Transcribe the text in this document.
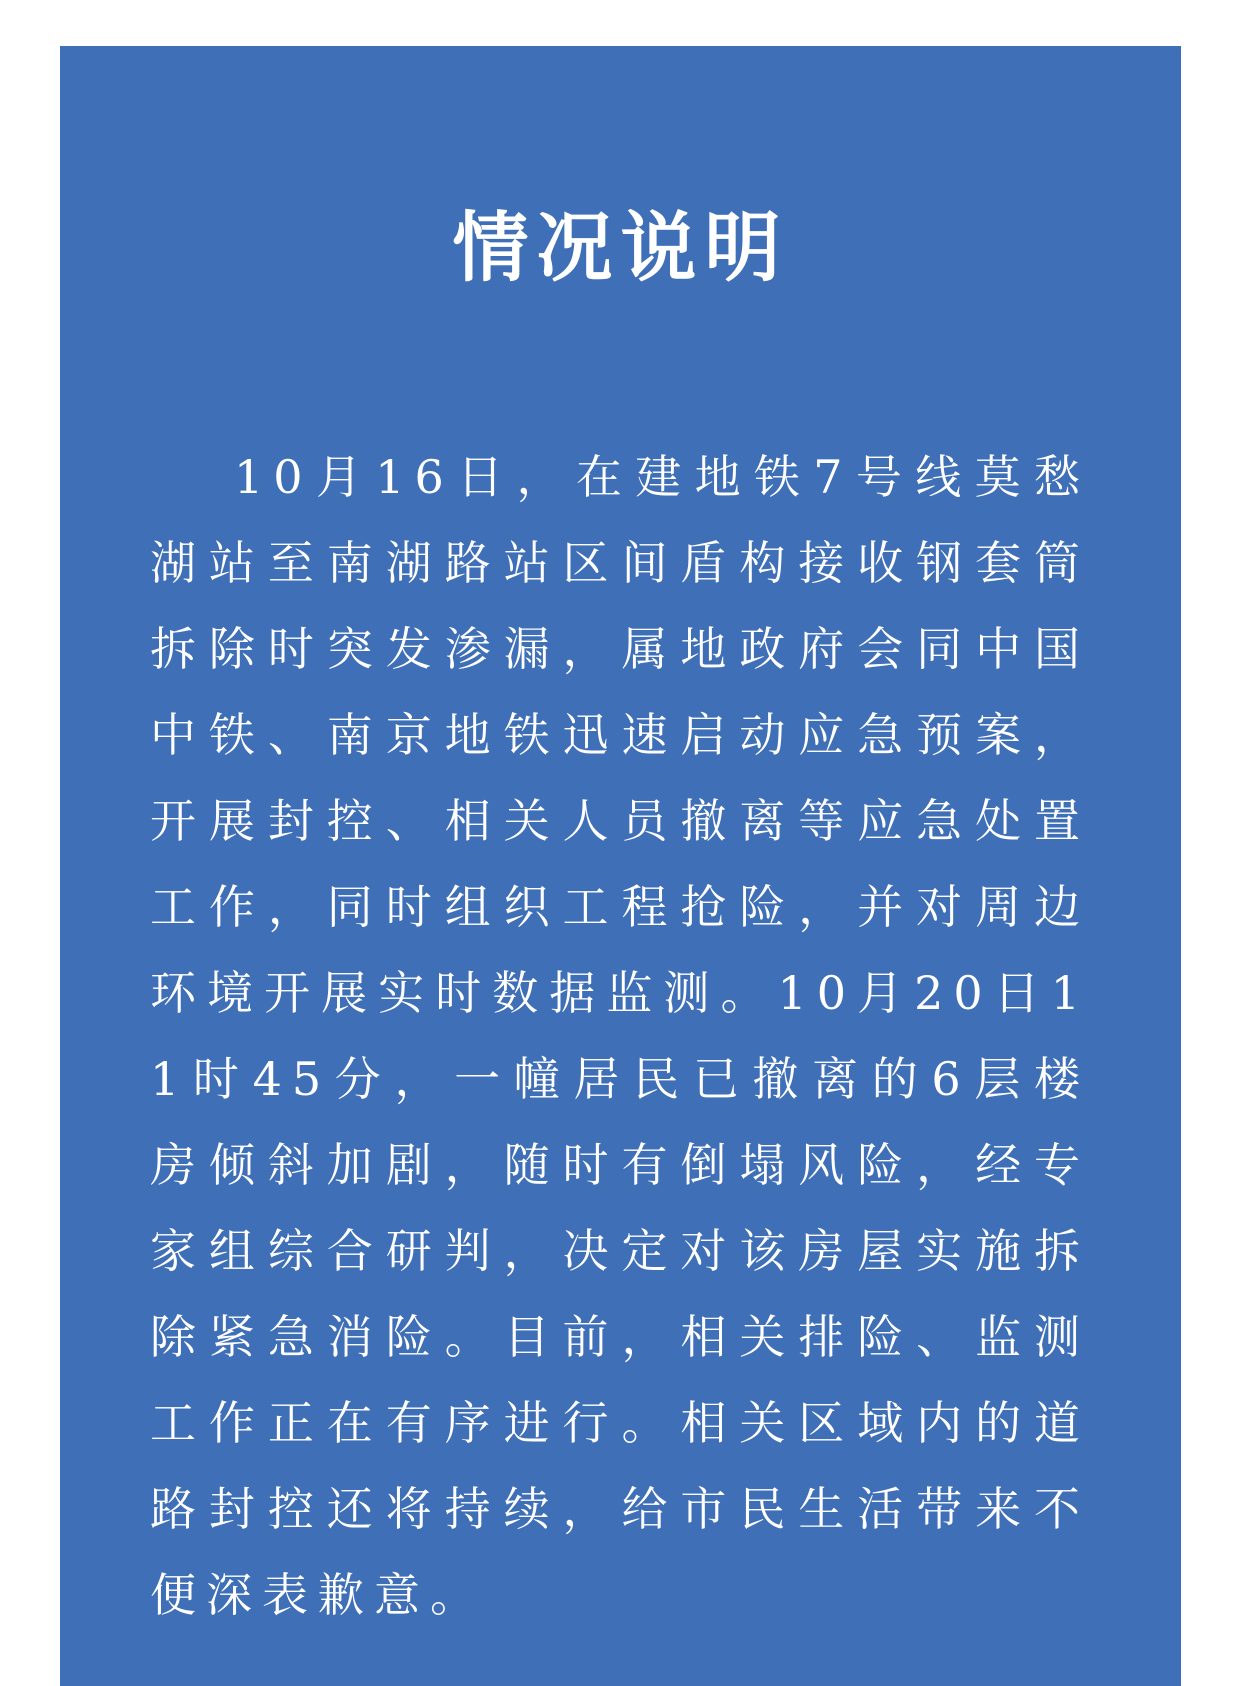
情况说明

10月16日，在建地铁7号线莫愁湖站至南湖路站区间盾构接收钢套筒拆除时突发渗漏，属地政府会同中国中铁、南京地铁迅速启动应急预案，开展封控、相关人员撤离等应急处置工作，同时组织工程抢险，并对周边环境开展实时数据监测。10月20日11时45分，一幢居民已撤离的6层楼房倾斜加剧，随时有倒塌风险，经专家组综合研判，决定对该房屋实施拆除紧急消险。目前，相关排险、监测工作正在有序进行。相关区域内的道路封控还将持续，给市民生活带来不便深表歉意。
